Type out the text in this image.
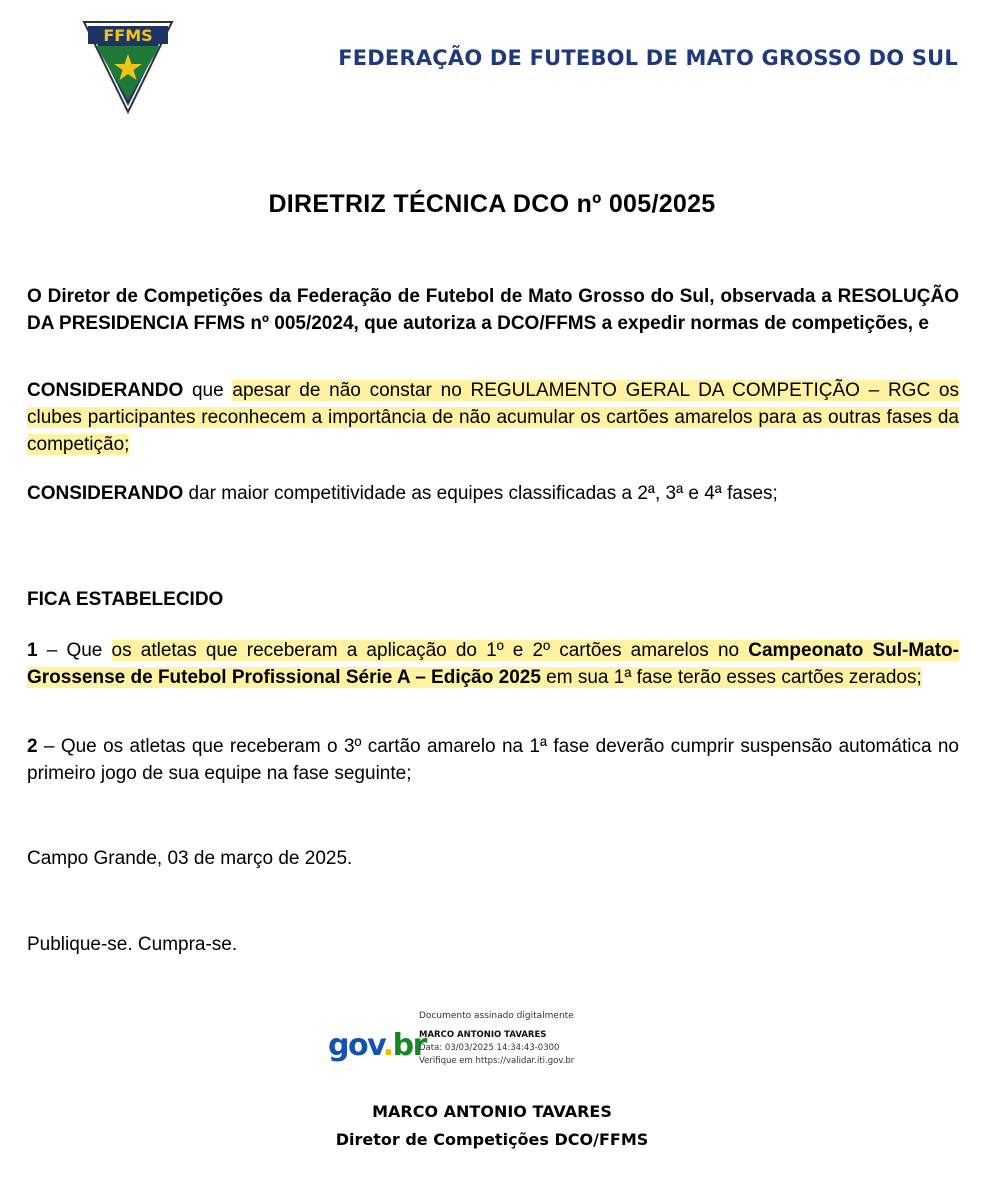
FFMS
FEDERAÇÃO DE FUTEBOL DE MATO GROSSO DO SUL
DIRETRIZ TÉCNICA DCO nº 005/2025
O Diretor de Competições da Federação de Futebol de Mato Grosso do Sul, observada a RESOLUÇÃO DA PRESIDENCIA FFMS nº 005/2024, que autoriza a DCO/FFMS a expedir normas de competições, e
CONSIDERANDO que apesar de não constar no REGULAMENTO GERAL DA COMPETIÇÃO – RGC os clubes participantes reconhecem a importância de não acumular os cartões amarelos para as outras fases da competição;
CONSIDERANDO dar maior competitividade as equipes classificadas a 2ª, 3ª e 4ª fases;
FICA ESTABELECIDO
1 – Que os atletas que receberam a aplicação do 1º e 2º cartões amarelos no Campeonato Sul-Mato-Grossense de Futebol Profissional Série A – Edição 2025 em sua 1ª fase terão esses cartões zerados;
2 – Que os atletas que receberam o 3º cartão amarelo na 1ª fase deverão cumprir suspensão automática no primeiro jogo de sua equipe na fase seguinte;
Campo Grande, 03 de março de 2025.
Publique-se. Cumpra-se.
gov.br
Documento assinado digitalmente
MARCO ANTONIO TAVARES
Data: 03/03/2025 14:34:43-0300
Verifique em https://validar.iti.gov.br
MARCO ANTONIO TAVARES
Diretor de Competições DCO/FFMS
